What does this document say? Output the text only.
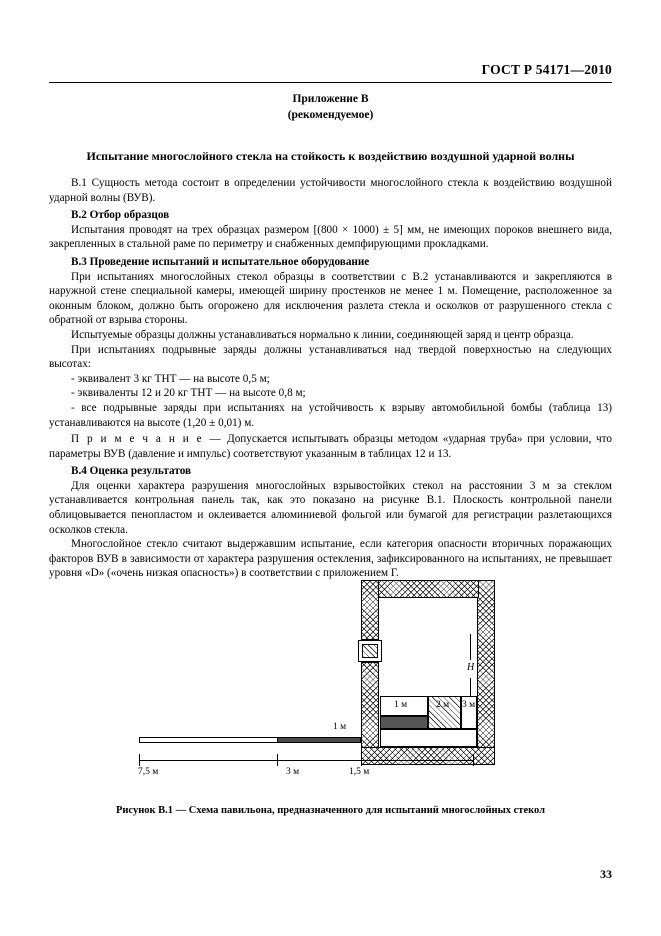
ГОСТ Р 54171—2010
Приложение В
(рекомендуемое)
Испытание многослойного стекла на стойкость к воздействию воздушной ударной волны

В.1 Сущность метода состоит в определении устойчивости многослойного стекла к воздействию воздушной ударной волны (ВУВ).

В.2 Отбор образцов

Испытания проводят на трех образцах размером [(800 × 1000) ± 5] мм, не имеющих пороков внешнего вида, закрепленных в стальной раме по периметру и снабженных демпфирующими прокладками.

В.3 Проведение испытаний и испытательное оборудование

При испытаниях многослойных стекол образцы в соответствии с В.2 устанавливаются и закрепляются в наружной стене специальной камеры, имеющей ширину простенков не менее 1 м. Помещение, расположенное за оконным блоком, должно быть огорожено для исключения разлета стекла и осколков от разрушенного стекла с обратной от взрыва стороны.

Испытуемые образцы должны устанавливаться нормально к линии, соединяющей заряд и центр образца.

При испытаниях подрывные заряды должны устанавливаться над твердой поверхностью на следующих высотах:

- эквивалент 3 кг ТНТ — на высоте 0,5 м;

- эквиваленты 12 и 20 кг ТНТ — на высоте 0,8 м;

- все подрывные заряды при испытаниях на устойчивость к взрыву автомобильной бомбы (таблица 13) устанавливаются на высоте (1,20 ± 0,01) м.

П р и м е ч а н и е — Допускается испытывать образцы методом «ударная труба» при условии, что параметры ВУВ (давление и импульс) соответствуют указанным в таблицах 12 и 13.

В.4 Оценка результатов

Для оценки характера разрушения многослойных взрывостойких стекол на расстоянии 3 м за стеклом устанавливается контрольная панель так, как это показано на рисунке В.1. Плоскость контрольной панели облицовывается пенопластом и оклеивается алюминиевой фольгой или бумагой для регистрации разлетающихся осколков стекла.

Многослойное стекло считают выдержавшим испытание, если категория опасности вторичных поражающих факторов ВУВ в зависимости от характера разрушения остекления, зафиксированного на испытаниях, не превышает уровня «D» («очень низкая опасность») в соответствии с приложением Г.

1 м	2 м 3 м
Н
1 м
7,5 м	3 м	1,5 м
Рисунок В.1 — Схема павильона, предназначенного для испытаний многослойных стекол
33
